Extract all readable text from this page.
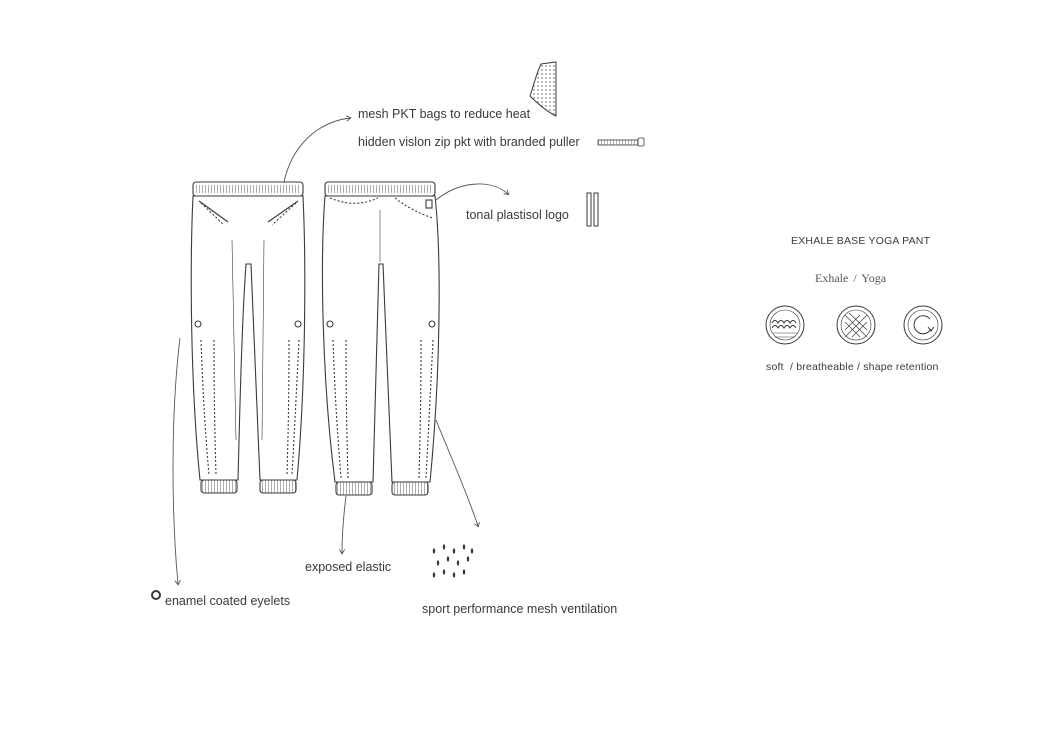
mesh PKT bags to reduce heat
hidden vislon zip pkt with branded puller
tonal plastisol logo
exposed elastic
enamel coated eyelets
sport performance mesh ventilation
EXHALE BASE YOGA PANT
Exhale / Yoga
soft  / breatheable / shape retention
